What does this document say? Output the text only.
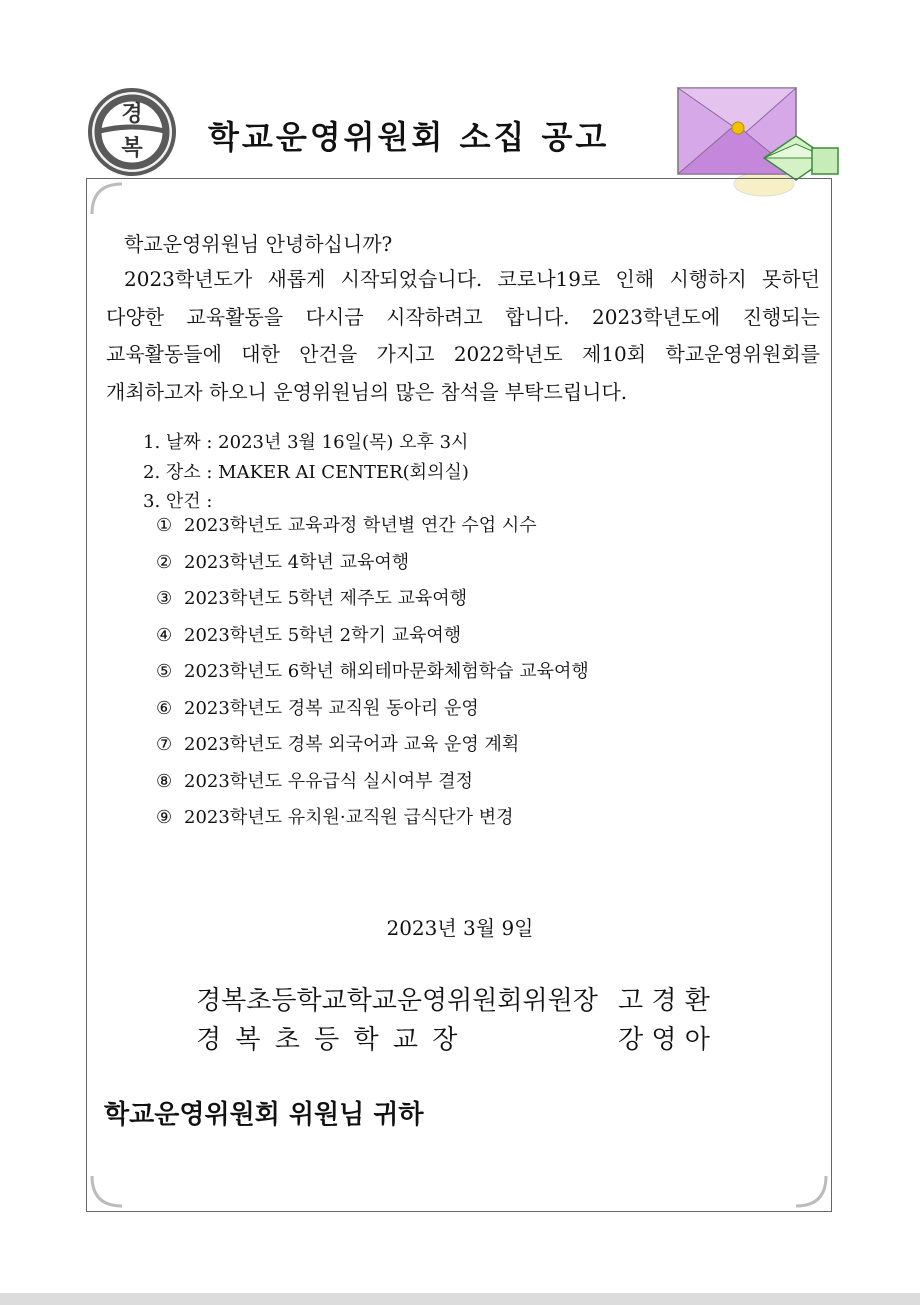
경
복 학교운영위원회 소집 공고
학교운영위원님 안녕하십니까?
2023학년도가 새롭게 시작되었습니다. 코로나19로 인해 시행하지 못하던 다양한 교육활동을 다시금 시작하려고 합니다. 2023학년도에 진행되는 교육활동들에 대한 안건을 가지고 2022학년도 제10회 학교운영위원회를 개최하고자 하오니 운영위원님의 많은 참석을 부탁드립니다.
1. 날짜 : 2023년 3월 16일(목) 오후 3시
2. 장소 : MAKER AI CENTER(회의실)
3. 안건 :
① 2023학년도 교육과정 학년별 연간 수업 시수
② 2023학년도 4학년 교육여행
③ 2023학년도 5학년 제주도 교육여행
④ 2023학년도 5학년 2학기 교육여행
⑤ 2023학년도 6학년 해외테마문화체험학습 교육여행
⑥ 2023학년도 경복 교직원 동아리 운영
⑦ 2023학년도 경복 외국어과 교육 운영 계획
⑧ 2023학년도 우유급식 실시여부 결정
⑨ 2023학년도 유치원·교직원 급식단가 변경
2023년 3월 9일
경복초등학교학교운영위원회위원장 고 경 환
경 복 초 등 학 교 장	강 영 아
학교운영위원회 위원님 귀하
